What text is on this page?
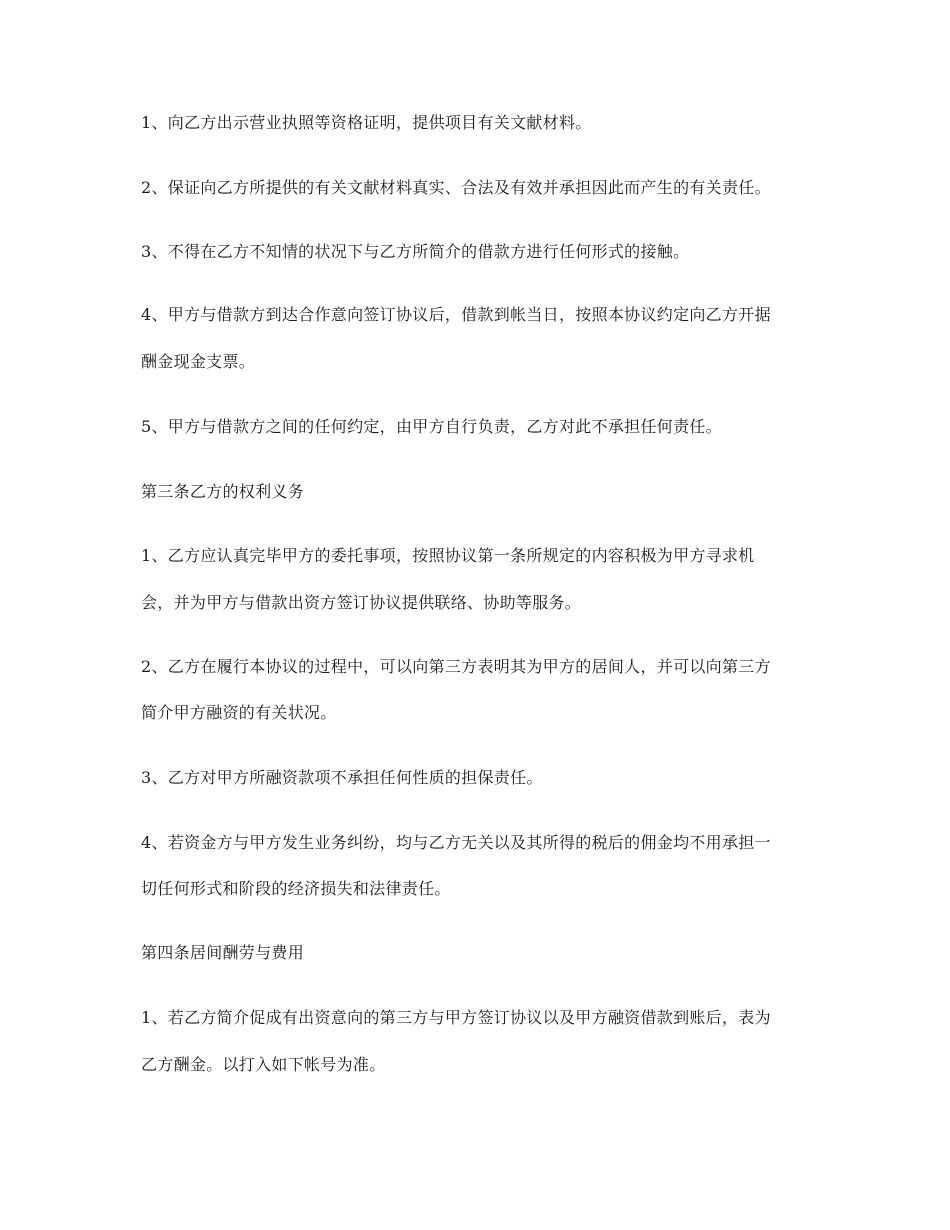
1、向乙方出示营业执照等资格证明，提供项目有关文献材料。

2、保证向乙方所提供的有关文献材料真实、合法及有效并承担因此而产生的有关责任。

3、不得在乙方不知情的状况下与乙方所简介的借款方进行任何形式的接触。

4、甲方与借款方到达合作意向签订协议后，借款到帐当日，按照本协议约定向乙方开据

酬金现金支票。

5、甲方与借款方之间的任何约定，由甲方自行负责，乙方对此不承担任何责任。

第三条乙方的权利义务

1、乙方应认真完毕甲方的委托事项，按照协议第一条所规定的内容积极为甲方寻求机

会，并为甲方与借款出资方签订协议提供联络、协助等服务。

2、乙方在履行本协议的过程中，可以向第三方表明其为甲方的居间人，并可以向第三方

简介甲方融资的有关状况。

3、乙方对甲方所融资款项不承担任何性质的担保责任。

4、若资金方与甲方发生业务纠纷，均与乙方无关以及其所得的税后的佣金均不用承担一

切任何形式和阶段的经济损失和法律责任。

第四条居间酬劳与费用

1、若乙方简介促成有出资意向的第三方与甲方签订协议以及甲方融资借款到账后，表为

乙方酬金。以打入如下帐号为准。
